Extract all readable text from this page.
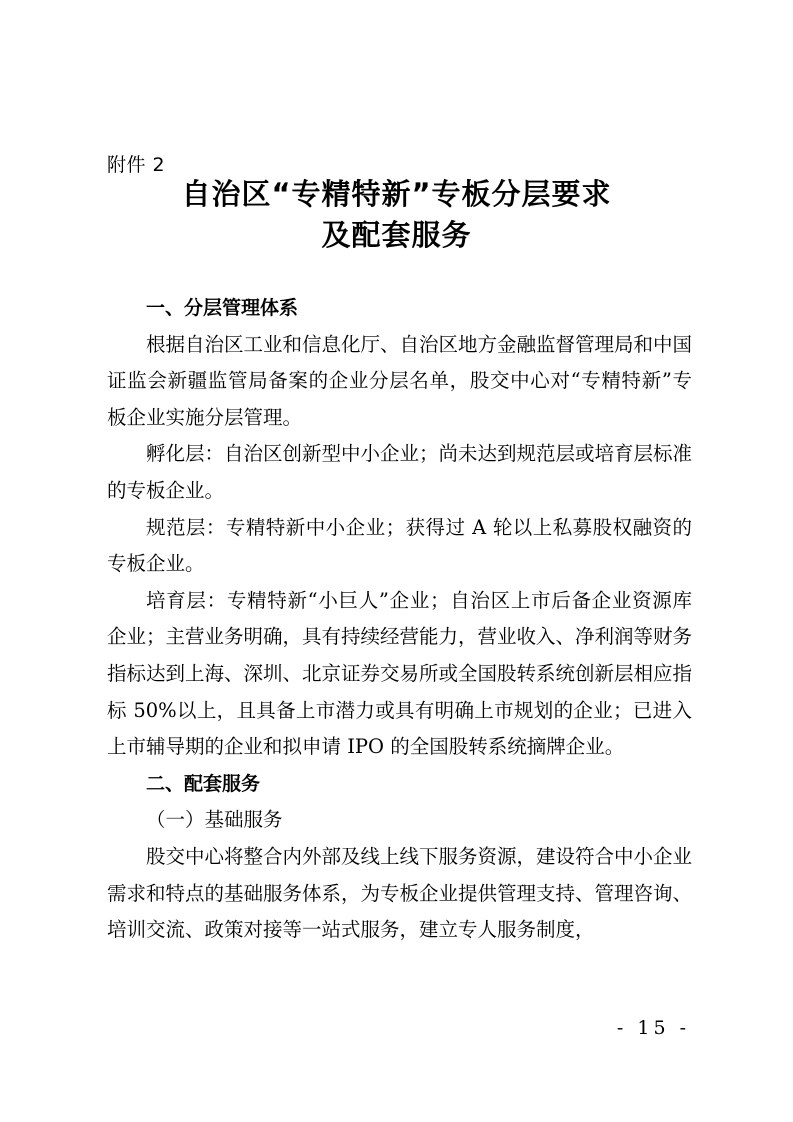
附件 2
自治区“专精特新”专板分层要求
及配套服务

一、分层管理体系

根据自治区工业和信息化厅、自治区地方金融监督管理局和中国证监会新疆监管局备案的企业分层名单，股交中心对“专精特新”专板企业实施分层管理。

孵化层：自治区创新型中小企业；尚未达到规范层或培育层标准的专板企业。

规范层：专精特新中小企业；获得过 A 轮以上私募股权融资的专板企业。

培育层：专精特新“小巨人”企业；自治区上市后备企业资源库企业；主营业务明确，具有持续经营能力，营业收入、净利润等财务指标达到上海、深圳、北京证券交易所或全国股转系统创新层相应指标 50%以上，且具备上市潜力或具有明确上市规划的企业；已进入上市辅导期的企业和拟申请 IPO 的全国股转系统摘牌企业。

二、配套服务

（一）基础服务

股交中心将整合内外部及线上线下服务资源，建设符合中小企业需求和特点的基础服务体系，为专板企业提供管理支持、管理咨询、培训交流、政策对接等一站式服务，建立专人服务制度，

- 15 -
